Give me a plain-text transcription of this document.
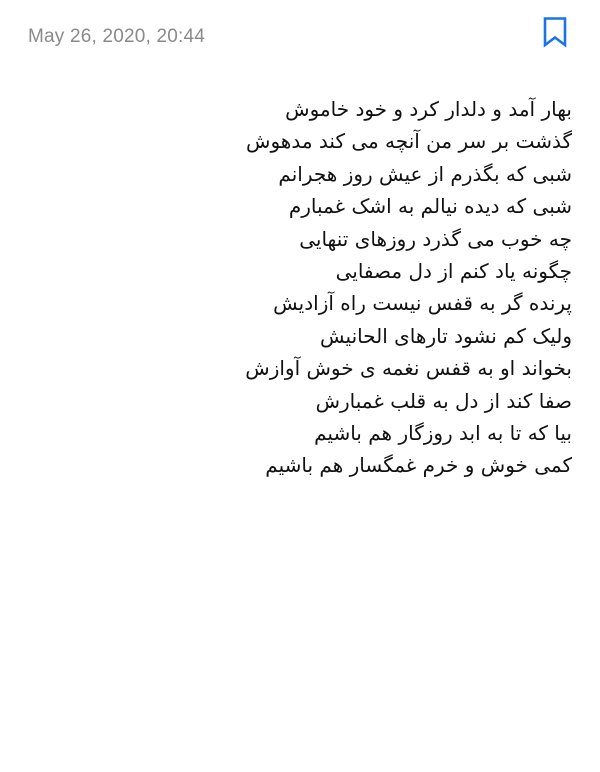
May 26, 2020, 20:44
بهار آمد و دلدار کرد و خود خاموش
گذشت بر سر من آنچه می کند مدهوش
شبی که بگذرم از عیش روز هجرانم
شبی که دیده نیالم به اشک غمبارم
چه خوب می گذرد روزهای تنهایی
چگونه یاد کنم از دل مصفایی
پرنده گر به قفس نیست راه آزادیش
ولیک کم نشود تارهای الحانیش
بخواند او به قفس نغمه ی خوش آوازش
صفا کند از دل به قلب غمبارش
بیا که تا به ابد روزگار هم باشیم
کمی خوش و خرم غمگسار هم باشیم
